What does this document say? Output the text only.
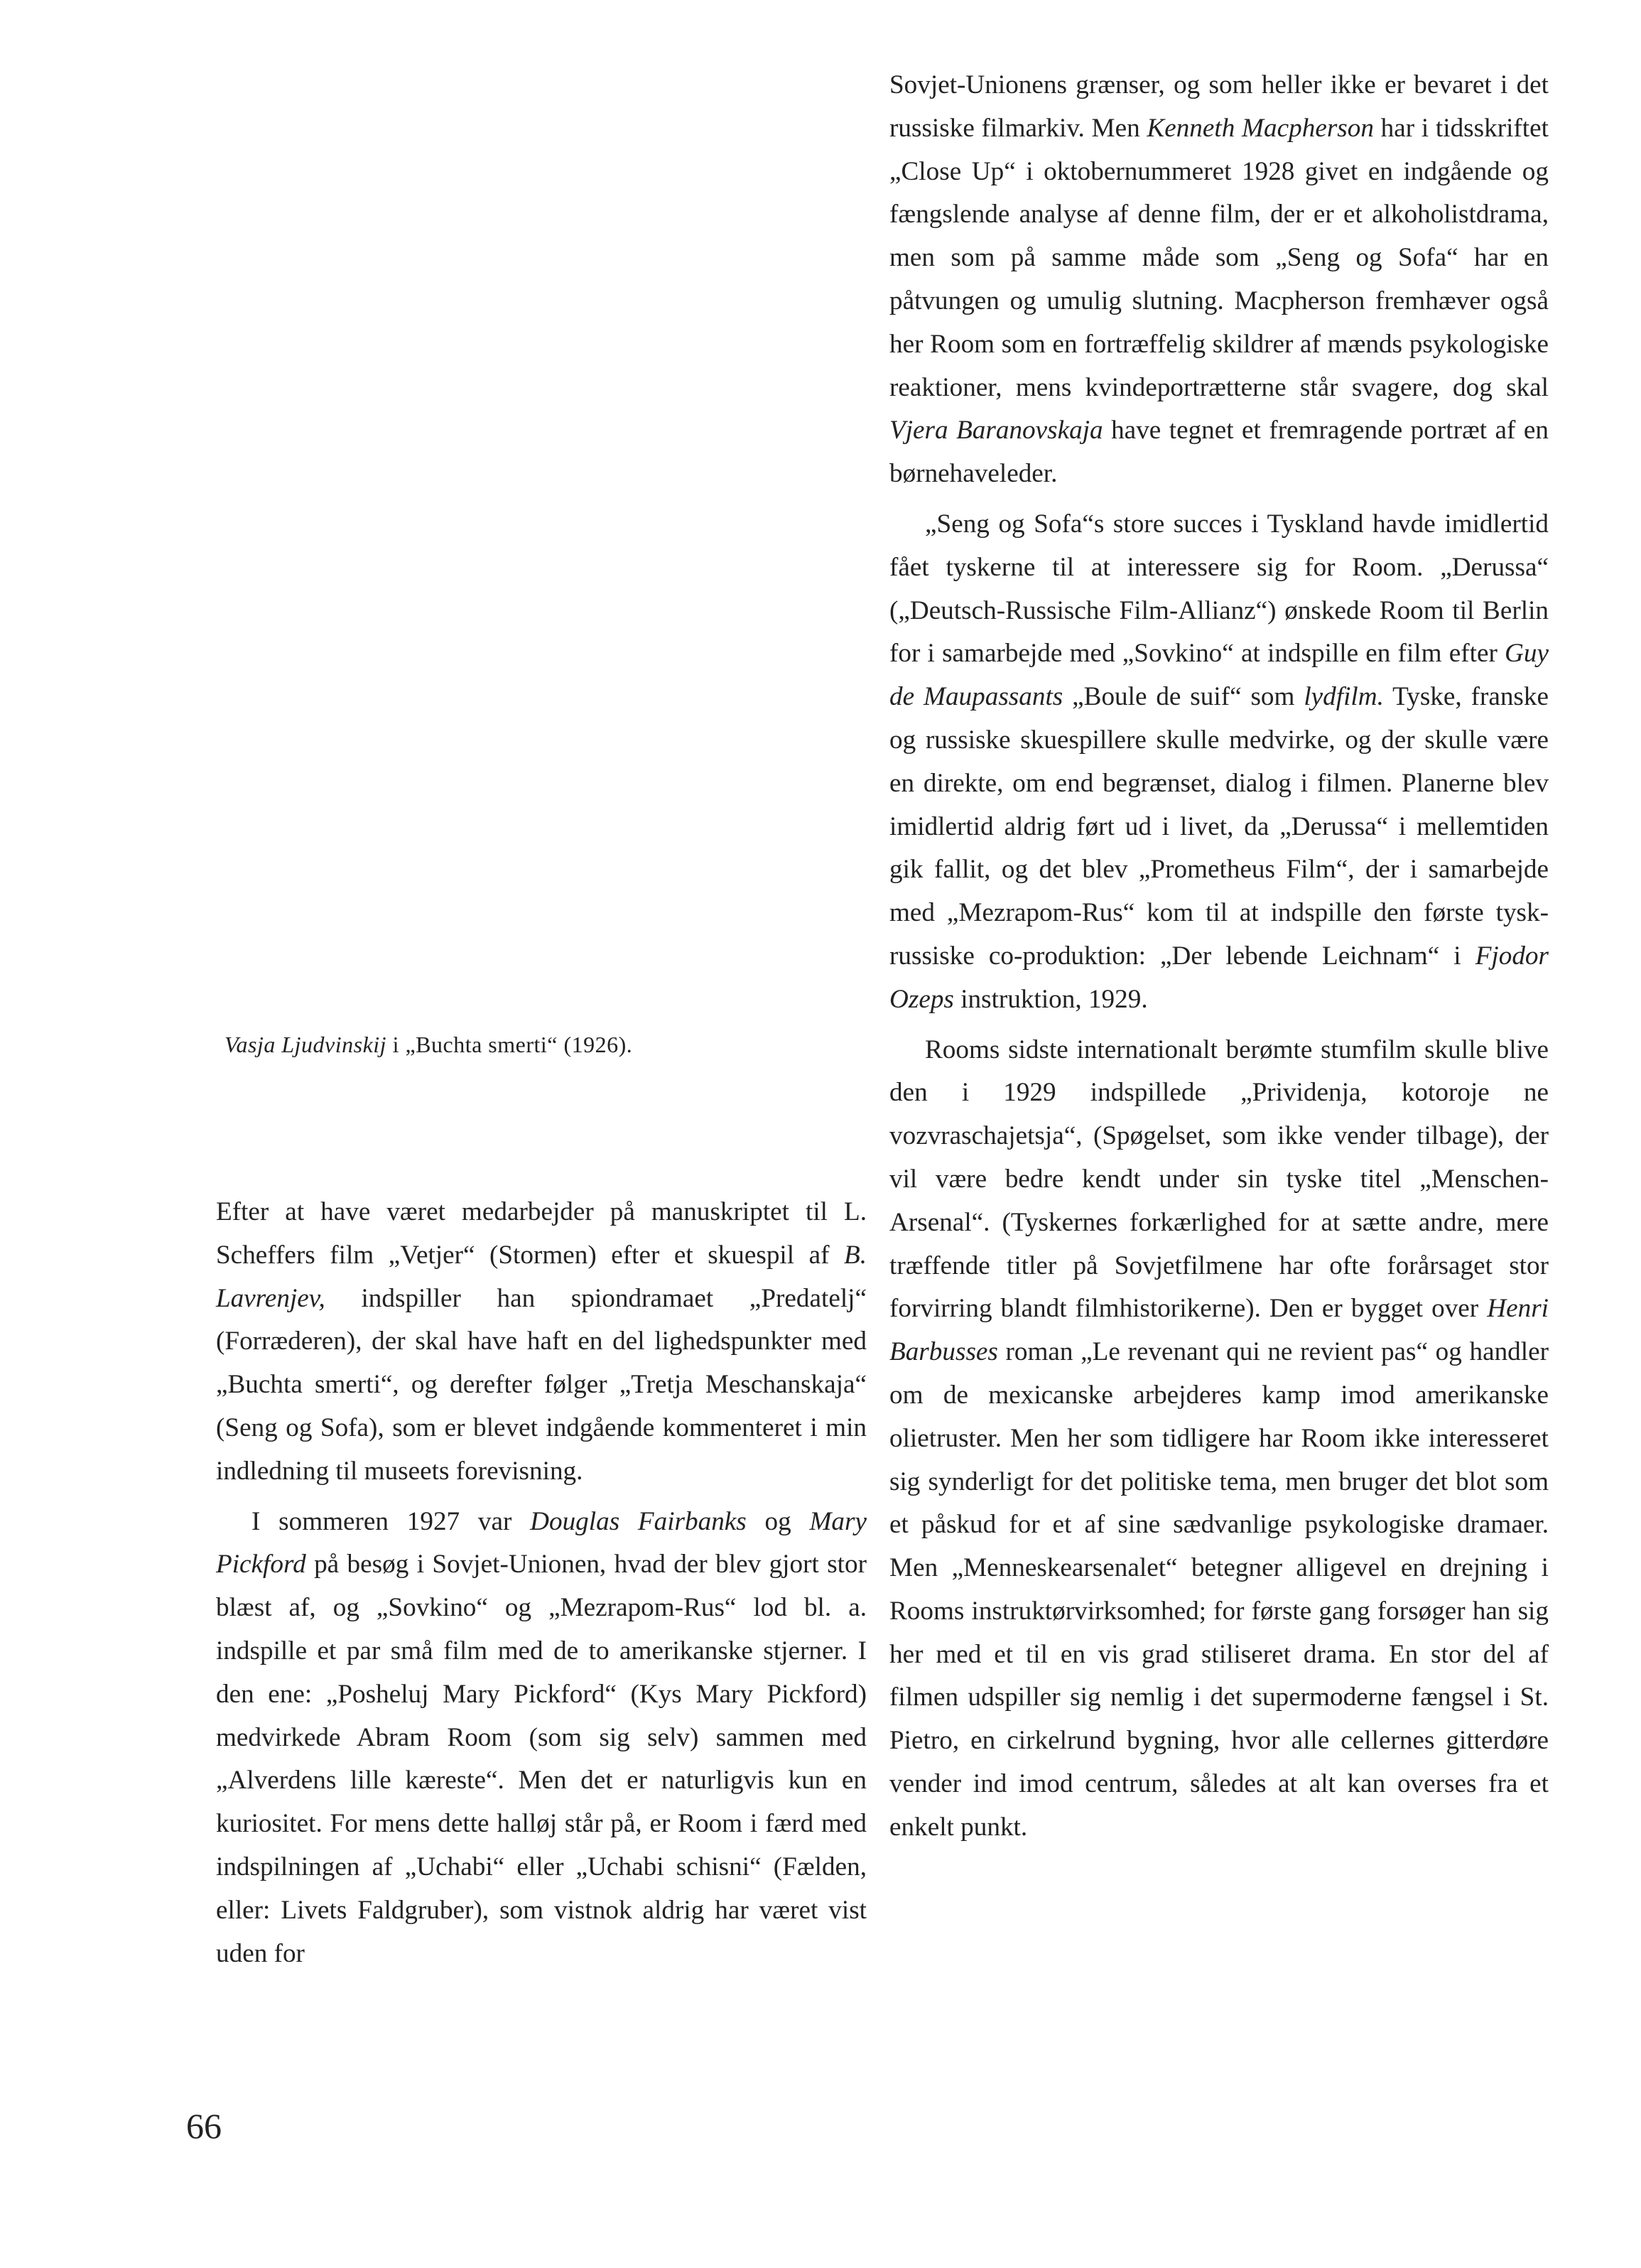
Vasja Ljudvinskij i „Buchta smerti“ (1926).

Efter at have været medarbejder på manuskriptet til L. Scheffers film „Vetjer“ (Stormen) efter et skuespil af B. Lavrenjev, indspiller han spiondramaet „Predatelj“ (Forræderen), der skal have haft en del lighedspunkter med „Buchta smerti“, og derefter følger „Tretja Meschanskaja“ (Seng og Sofa), som er blevet indgående kommenteret i min indledning til museets forevisning.

I sommeren 1927 var Douglas Fairbanks og Mary Pickford på besøg i Sovjet-Unionen, hvad der blev gjort stor blæst af, og „Sovkino“ og „Mezrapom-Rus“ lod bl. a. indspille et par små film med de to amerikanske stjerner. I den ene: „Posheluj Mary Pickford“ (Kys Mary Pickford) medvirkede Abram Room (som sig selv) sammen med „Alverdens lille kæreste“. Men det er naturligvis kun en kuriositet. For mens dette halløj står på, er Room i færd med indspilningen af „Uchabi“ eller „Uchabi schisni“ (Fælden, eller: Livets Faldgruber), som vistnok aldrig har været vist uden for

Sovjet-Unionens grænser, og som heller ikke er bevaret i det russiske filmarkiv. Men Kenneth Macpherson har i tidsskriftet „Close Up“ i oktobernummeret 1928 givet en indgående og fængslende analyse af denne film, der er et alkoholistdrama, men som på samme måde som „Seng og Sofa“ har en påtvungen og umulig slutning. Macpherson fremhæver også her Room som en fortræffelig skildrer af mænds psykologiske reaktioner, mens kvindeportrætterne står svagere, dog skal Vjera Baranovskaja have tegnet et fremragende portræt af en børnehaveleder.

„Seng og Sofa“s store succes i Tyskland havde imidlertid fået tyskerne til at interessere sig for Room. „Derussa“ („Deutsch-Russische Film-Allianz“) ønskede Room til Berlin for i samarbejde med „Sovkino“ at indspille en film efter Guy de Maupassants „Boule de suif“ som lydfilm. Tyske, franske og russiske skuespillere skulle medvirke, og der skulle være en direkte, om end begrænset, dialog i filmen. Planerne blev imidlertid aldrig ført ud i livet, da „Derussa“ i mellemtiden gik fallit, og det blev „Prometheus Film“, der i samarbejde med „Mezrapom-Rus“ kom til at indspille den første tysk-russiske co-produktion: „Der lebende Leichnam“ i Fjodor Ozeps instruktion, 1929.

Rooms sidste internationalt berømte stumfilm skulle blive den i 1929 indspillede „Prividenja, kotoroje ne vozvraschajetsja“, (Spøgelset, som ikke vender tilbage), der vil være bedre kendt under sin tyske titel „Menschen-Arsenal“. (Tyskernes forkærlighed for at sætte andre, mere træffende titler på Sovjetfilmene har ofte forårsaget stor forvirring blandt filmhistorikerne). Den er bygget over Henri Barbusses roman „Le revenant qui ne revient pas“ og handler om de mexicanske arbejderes kamp imod amerikanske olietruster. Men her som tidligere har Room ikke interesseret sig synderligt for det politiske tema, men bruger det blot som et påskud for et af sine sædvanlige psykologiske dramaer. Men „Menneskearsenalet“ betegner alligevel en drejning i Rooms instruktørvirksomhed; for første gang forsøger han sig her med et til en vis grad stiliseret drama. En stor del af filmen udspiller sig nemlig i det supermoderne fængsel i St. Pietro, en cirkelrund bygning, hvor alle cellernes gitterdøre vender ind imod centrum, således at alt kan overses fra et enkelt punkt.

66
